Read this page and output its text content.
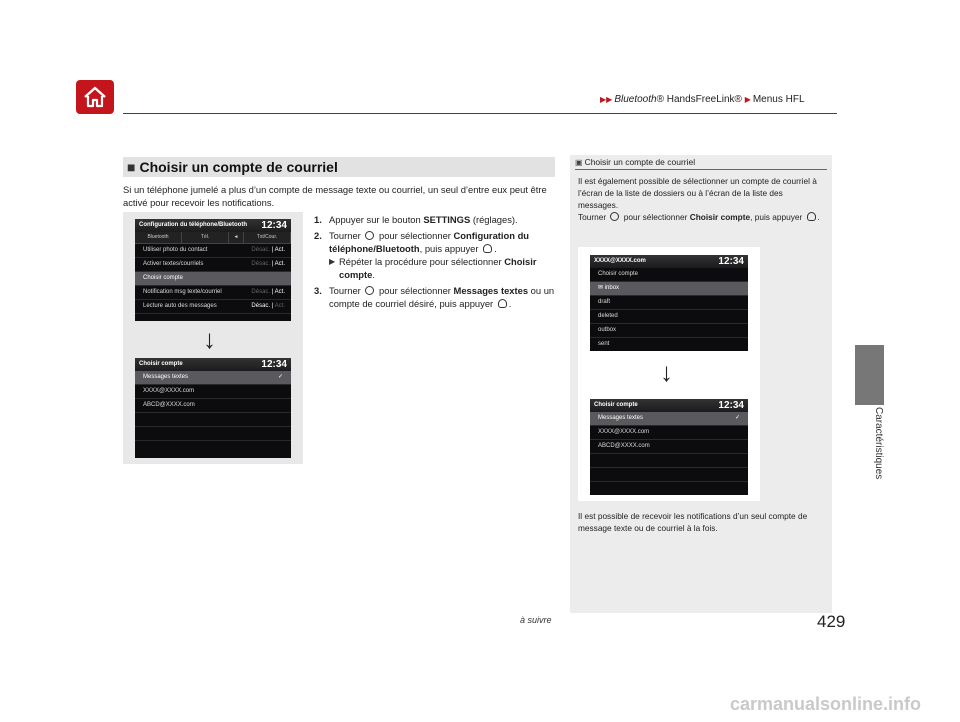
▶▶ Bluetooth® HandsFreeLink® ▶ Menus HFL
Caractéristiques
■ Choisir un compte de courriel
Si un téléphone jumelé a plus d’un compte de message texte ou courriel, un seul d’entre eux peut être activé pour recevoir les notifications.
Configuration du téléphone/Bluetooth 12:34
Bluetooth	Tél.	◄	Txt/Cour.
Utiliser photo du contact	Désac. | Act.
Activer textes/courriels	Désac. | Act.
Choisir compte
Notification msg texte/courriel	Désac. | Act.
Lecture auto des messages	Désac. | Act.
↓
Choisir compte	12:34
Messages textes	✓
XXXX@XXXX.com
ABCD@XXXX.com
1. Appuyer sur le bouton SETTINGS (réglages).
2. Tourner  pour sélectionner Configuration du téléphone/Bluetooth, puis appuyer .
▶ Répéter la procédure pour sélectionner Choisir compte.
3. Tourner  pour sélectionner Messages textes ou un compte de courriel désiré, puis appuyer .
▣ Choisir un compte de courriel
Il est également possible de sélectionner un compte de courriel à l’écran de la liste de dossiers ou à l’écran de la liste des messages.
Tourner  pour sélectionner Choisir compte, puis appuyer .
XXXX@XXXX.com	12:34
Choisir compte
✉ inbox
draft
deleted
outbox
sent
↓
Choisir compte	12:34
Messages textes	✓
XXXX@XXXX.com
ABCD@XXXX.com
Il est possible de recevoir les notifications d’un seul compte de message texte ou de courriel à la fois.
à suivre	429
carmanualsonline.info
